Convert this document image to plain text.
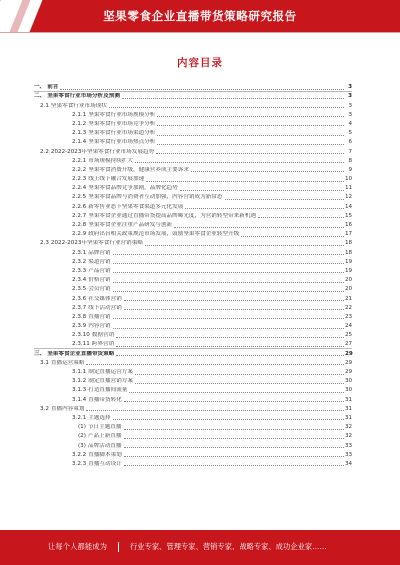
坚果零食企业直播带货策略研究报告
内容目录
一、 前言	3
二、 坚果零食行业市场分析及预测	3
2.1 坚果零食行业市场现状	3
2.1.1 坚果零食行业市场规模分析	3
2.1.2 坚果零食行业市场竞争分析	4
2.1.3 坚果零食行业市场渠道分析	5
2.1.4 坚果零食行业市场热点分析	6
2.2 2022-2023年坚果零食行业市场发展趋势	7
2.2.1 市场规模持续扩大	8
2.2.2 坚果零食消费升级，健康营养成主要诉求	9
2.2.3 线上线下融合发展加速	10
2.2.4 坚果零食品牌竞争加剧，品牌化趋势	11
2.2.5 坚果零食品牌与消费者互动加强，内容营销成为新常态	12
2.2.6 新零售业态下坚果零食渠道多元化发展	14
2.2.7 坚果零食企业通过直播带货提高品牌曝光度，为营销转型带来新机遇	15
2.2.8 坚果零食企业注重产品研发与创新	16
2.2.9 政府出台相关政策规范市场发展，鼓励坚果零食企业转型升级	17
2.3 2022-2023年坚果零食行业营销策略	18
2.3.1 品牌营销	18
2.3.2 渠道营销	19
2.3.3 产品营销	19
2.3.4 价格营销	20
2.3.5 会员营销	20
2.3.6 社交媒体营销	21
2.3.7 线下活动营销	22
2.3.8 直播营销	23
2.3.9 内容营销	24
2.3.10 数据营销	25
2.3.11 跨界营销	27
三、 坚果零食企业直播带货策略	29
3.1 直播运营策略	29
3.1.1 制定直播运营方案	29
3.1.2 制定直播营销方案	30
3.1.3 打造直播间流量	30
3.1.4 直播带货转化	31
3.2 直播内容策划	31
3.2.1 主题选择	31
(1) 节日主题直播	32
(2) 产品上新直播	32
(3) 品牌活动直播	33
3.2.2 直播脚本策划	33
3.2.3 直播互动设计	34
让每个人都能成为	行业专家、管理专家、营销专家、战略专家、成功企业家……
